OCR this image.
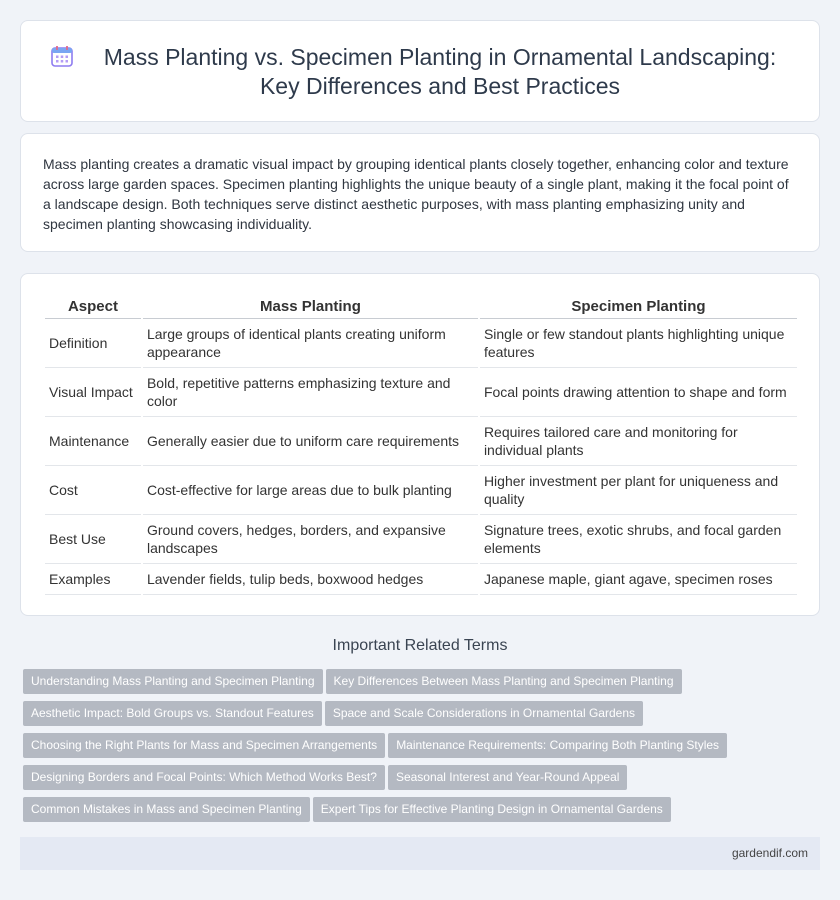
Mass Planting vs. Specimen Planting in Ornamental Landscaping: Key Differences and Best Practices

Mass planting creates a dramatic visual impact by grouping identical plants closely together, enhancing color and texture across large garden spaces. Specimen planting highlights the unique beauty of a single plant, making it the focal point of a landscape design. Both techniques serve distinct aesthetic purposes, with mass planting emphasizing unity and specimen planting showcasing individuality.

Aspect	Mass Planting	Specimen Planting
Definition	Large groups of identical plants creating uniform appearance	Single or few standout plants highlighting unique features
Visual Impact	Bold, repetitive patterns emphasizing texture and color	Focal points drawing attention to shape and form
Maintenance	Generally easier due to uniform care requirements	Requires tailored care and monitoring for individual plants
Cost	Cost-effective for large areas due to bulk planting	Higher investment per plant for uniqueness and quality
Best Use	Ground covers, hedges, borders, and expansive landscapes	Signature trees, exotic shrubs, and focal garden elements
Examples	Lavender fields, tulip beds, boxwood hedges	Japanese maple, giant agave, specimen roses
Important Related Terms
Understanding Mass Planting and Specimen Planting Key Differences Between Mass Planting and Specimen Planting
Aesthetic Impact: Bold Groups vs. Standout Features Space and Scale Considerations in Ornamental Gardens
Choosing the Right Plants for Mass and Specimen Arrangements Maintenance Requirements: Comparing Both Planting Styles
Designing Borders and Focal Points: Which Method Works Best? Seasonal Interest and Year-Round Appeal
Common Mistakes in Mass and Specimen Planting Expert Tips for Effective Planting Design in Ornamental Gardens
gardendif.com
